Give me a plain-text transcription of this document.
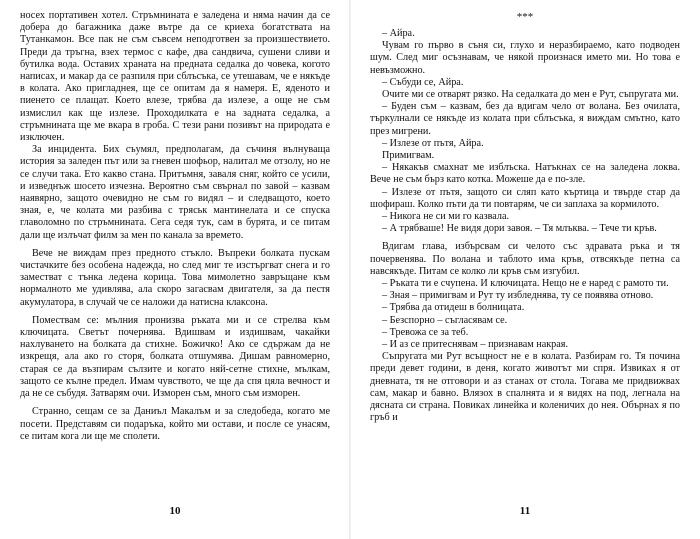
носех портативен хотел. Стръмнината е заледена и няма начин да се добера до багажника даже вътре да се криеха богатствата на Тутанкамон. Все пак не съм съвсем неподготвен за произшествието. Преди да тръгна, взех термос с кафе, два сандвича, сушени сливи и бутилка вода. Оставих храната на предната седалка до човека, когото написах, и макар да се разпиля при сблъсъка, се утешавам, че е някъде в колата. Ако пригладнея, ще се опитам да я намеря. Е, яденото и пиенето се плащат. Което влезе, трябва да излезе, а още не съм измислил как ще излезе. Проходилката е на задната седалка, а стръмнината ще ме вкара в гроба. С тези рани позивът на природата е изключен.

За инцидента. Бих съумял, предполагам, да съчиня вълнуваща история за заледен път или за гневен шофьор, налитал ме отзолу, но не се случи така. Ето какво стана. Притъмня, заваля сняг, който се усили, и изведнъж шосето изчезна. Вероятно съм свърнал по завой – казвам наявярно, защото очевидно не съм го видял – и следващото, което зная, е, че колата ми разбива с тряськ мантинелата и се спуска главоломно по стръмнината. Сега седя тук, сам в бурята, и се питам дали ще излъчат филм за мен по канала за времето.

Вече не виждам през предното стъкло. Въпреки болката пускам чистачките без особена надежда, но след миг те изстъргват снега и го заместват с тънка ледена корица. Това мимолетно завръщане към нормалното ме удивлява, ала скоро загасвам двигателя, за да пестя акумулатора, в случай че се наложи да натисна клаксона.

Помествам се: мълния пронизва ръката ми и се стрелва към ключицата. Светът почернява. Вдишвам и издишвам, чакайки нахлуването на болката да стихне. Божичко! Ако се сдържам да не изкрещя, ала ако го сторя, болката отшумява. Дишам равномерно, старая се да възпирам сълзите и когато няй-сетне стихне, мълкам, защото се кълне предел. Имам чувството, че ще да спя цяла вечност и да не се събудя. Затварям очи. Изморен съм, много съм изморен.

Странно, сещам се за Даниъл Макалъм и за следобеда, когато ме посети. Представям си подаръка, който ми остави, и после се унасям, се питам кога ли ще ме сполети.

***

– Айра.

Чувам го първо в съня си, глухо и неразбираемо, като подводен шум. След миг осъзнавам, че някой произнася името ми. Но това е невъзможно.

– Събуди се, Айра.

Очите ми се отварят рязко. На седалката до мен е Рут, съпругата ми.

– Буден съм – казвам, без да вдигам чело от волана. Без очилата, търкулнали се някъде из колата при сблъсъка, я виждам смътно, като през мигрени.

– Излезе от пътя, Айра.

Примигвам.

– Някакъв смахнат ме изблъска. Натъкнах се на заледена локва. Вече не съм бърз като котка. Можеше да е по-зле.

– Излезе от пътя, защото си сляп като къртица и твърде стар да шофираш. Колко пъти да ти повтарям, че си заплаха за кормилото.

– Никога не си ми го казвала.

– А трябваше! Не видя дори завоя. – Тя млъква. – Тече ти кръв.

Вдигам глава, избърсвам си челото със здравата ръка и тя почервенява. По волана и таблото има кръв, отвсякъде петна са навсякъде. Питам се колко ли кръв съм изгубил.

– Ръката ти е счупена. И ключицата. Нещо не е наред с рамото ти.

– Зная – примигвам и Рут ту избледнява, ту се появява отново.

– Трябва да отидеш в болницата.

– Безспорно – съгласявам се.

– Тревожа се за теб.

– И аз се притеснявам – признавам накрая.

Съпругата ми Рут всъщност не е в колата. Разбирам го. Тя почина преди девет години, в деня, когато животът ми спря. Извиках я от дневната, тя не отговори и аз станах от стола. Тогава ме придвижвах сам, макар и бавно. Влязох в спалнята и я видях на под, легнала на дясната си страна. Повиках линейка и коленичих до нея. Обърнах я по гръб и

10	11
